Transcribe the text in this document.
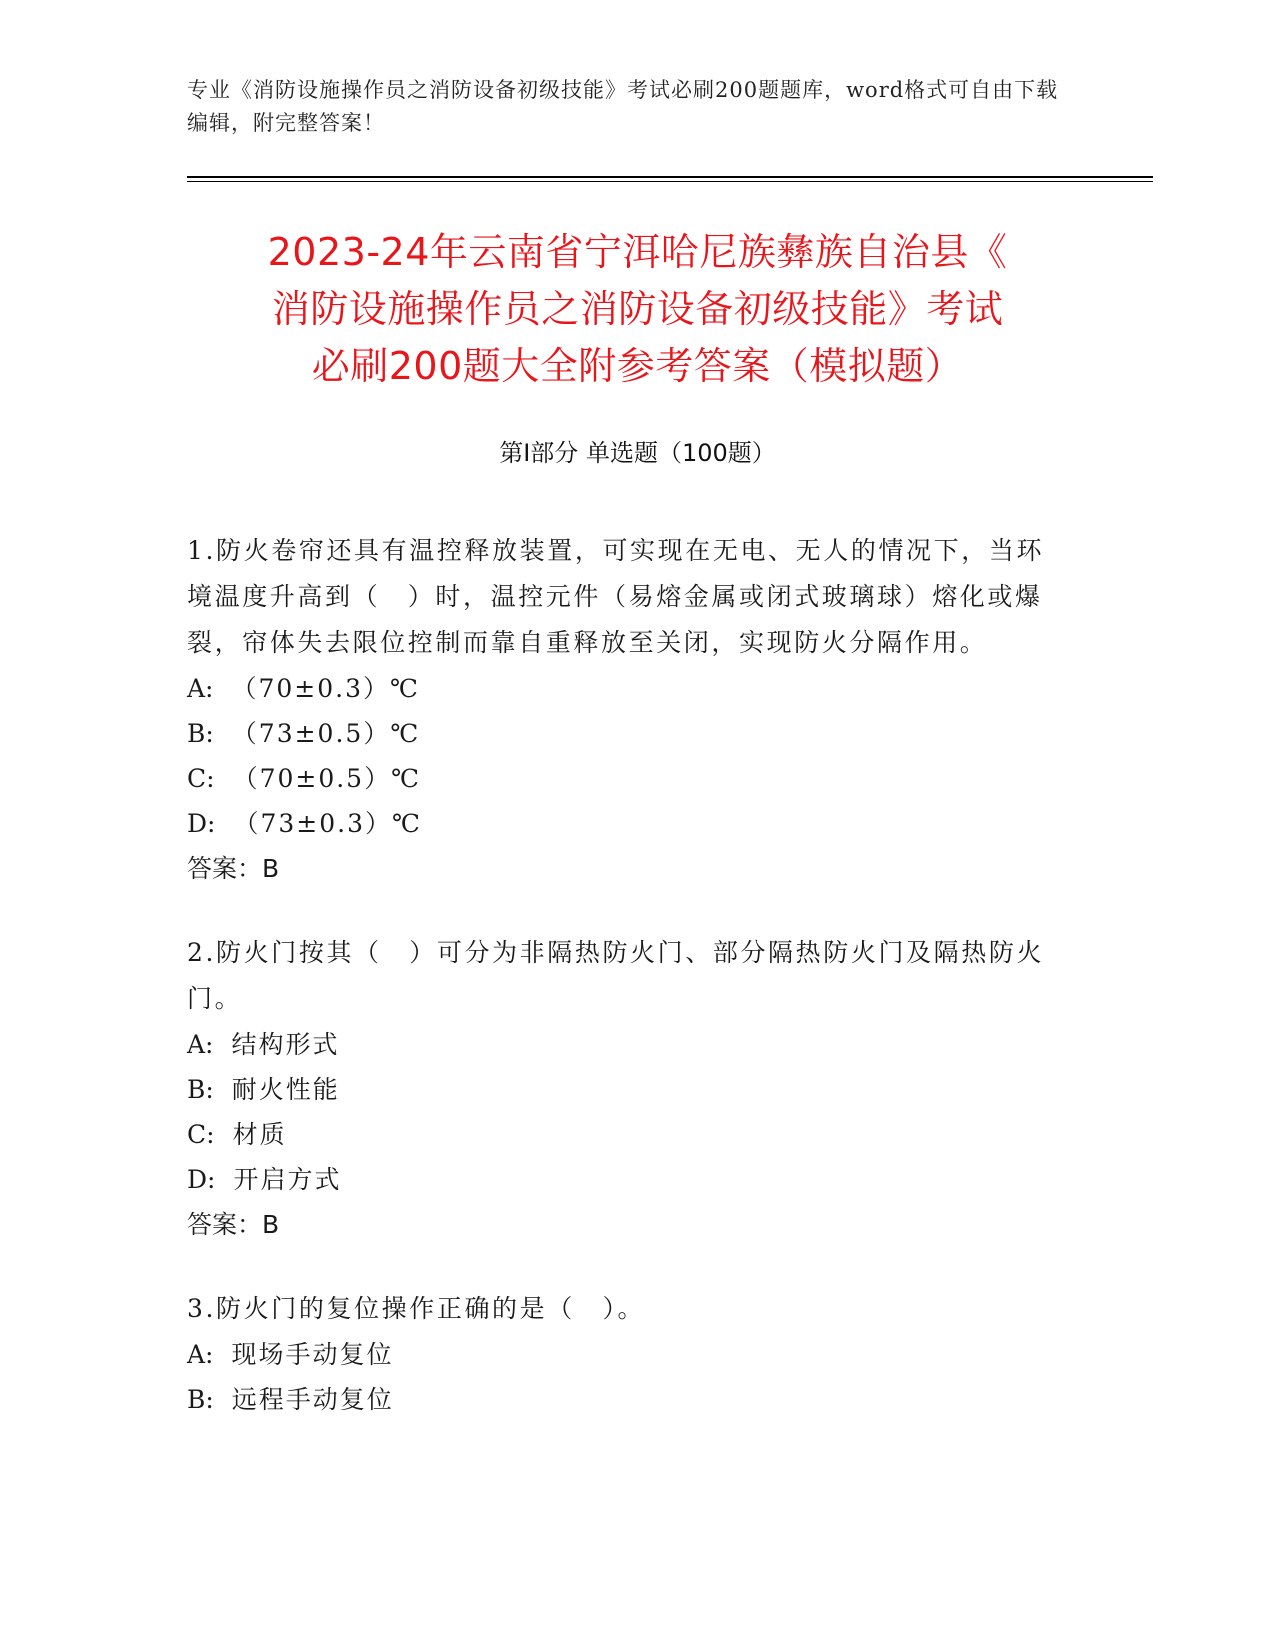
专业《消防设施操作员之消防设备初级技能》考试必刷200题题库，word格式可自由下载编辑，附完整答案！
2023-24年云南省宁洱哈尼族彝族自治县《
消防设施操作员之消防设备初级技能》考试
必刷200题大全附参考答案（模拟题）
第Ⅰ部分 单选题（100题）

1.防火卷帘还具有温控释放装置，可实现在无电、无人的情况下，当环境温度升高到（　）时，温控元件（易熔金属或闭式玻璃球）熔化或爆裂，帘体失去限位控制而靠自重释放至关闭，实现防火分隔作用。

A: （70±0.3）℃

B: （73±0.5）℃

C: （70±0.5）℃

D: （73±0.3）℃

答案：B

2.防火门按其（　）可分为非隔热防火门、部分隔热防火门及隔热防火门。

A: 结构形式

B: 耐火性能

C: 材质

D: 开启方式

答案：B

3.防火门的复位操作正确的是（　）。

A: 现场手动复位

B: 远程手动复位
